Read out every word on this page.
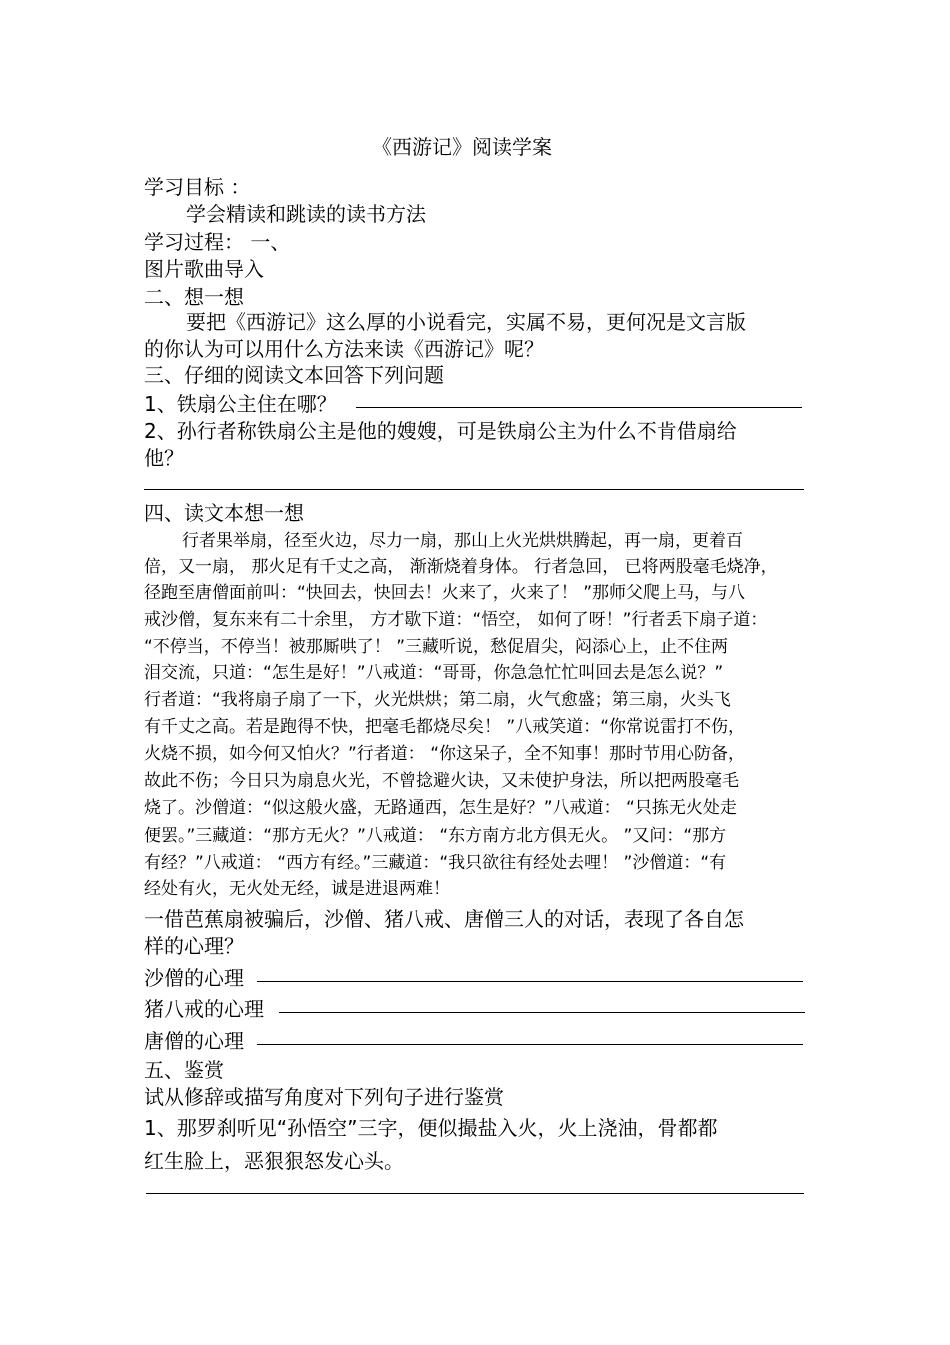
《西游记》阅读学案
学习目标 ：
学会精读和跳读的读书方法
学习过程： 一、
图片歌曲导入
二、想一想
要把《西游记》这么厚的小说看完，实属不易，更何况是文言版
的你认为可以用什么方法来读《西游记》呢？
三、仔细的阅读文本回答下列问题
1、铁扇公主住在哪？
2、孙行者称铁扇公主是他的嫂嫂，可是铁扇公主为什么不肯借扇给
他？
四、读文本想一想
行者果举扇，径至火边，尽力一扇，那山上火光烘烘腾起，再一扇，更着百
倍，又一扇， 那火足有千丈之高， 渐渐烧着身体。 行者急回， 已将两股毫毛烧净，
径跑至唐僧面前叫：“快回去，快回去！火来了，火来了！ ”那师父爬上马，与八
戒沙僧，复东来有二十余里， 方才歇下道：“悟空， 如何了呀！”行者丢下扇子道：
“不停当，不停当！被那厮哄了！ ”三藏听说，愁促眉尖，闷添心上，止不住两
泪交流，只道：“怎生是好！”八戒道：“哥哥，你急急忙忙叫回去是怎么说？”
行者道：“我将扇子扇了一下，火光烘烘；第二扇，火气愈盛；第三扇，火头飞
有千丈之高。若是跑得不快，把毫毛都烧尽矣！ ”八戒笑道：“你常说雷打不伤，
火烧不损，如今何又怕火？”行者道： “你这呆子，全不知事！那时节用心防备，
故此不伤；今日只为扇息火光，不曾捻避火诀，又未使护身法，所以把两股毫毛
烧了。沙僧道：“似这般火盛，无路通西，怎生是好？”八戒道： “只拣无火处走
便罢。”三藏道：“那方无火？”八戒道： “东方南方北方俱无火。 ”又问：“那方
有经？”八戒道： “西方有经。”三藏道：“我只欲往有经处去哩！ ”沙僧道：“有
经处有火，无火处无经，诚是进退两难！
一借芭蕉扇被骗后，沙僧、猪八戒、唐僧三人的对话，表现了各自怎
样的心理？
沙僧的心理
猪八戒的心理
唐僧的心理
五、鉴赏
试从修辞或描写角度对下列句子进行鉴赏
1、那罗刹听见“孙悟空”三字，便似撮盐入火，火上浇油，骨都都
红生脸上，恶狠狠怒发心头。
